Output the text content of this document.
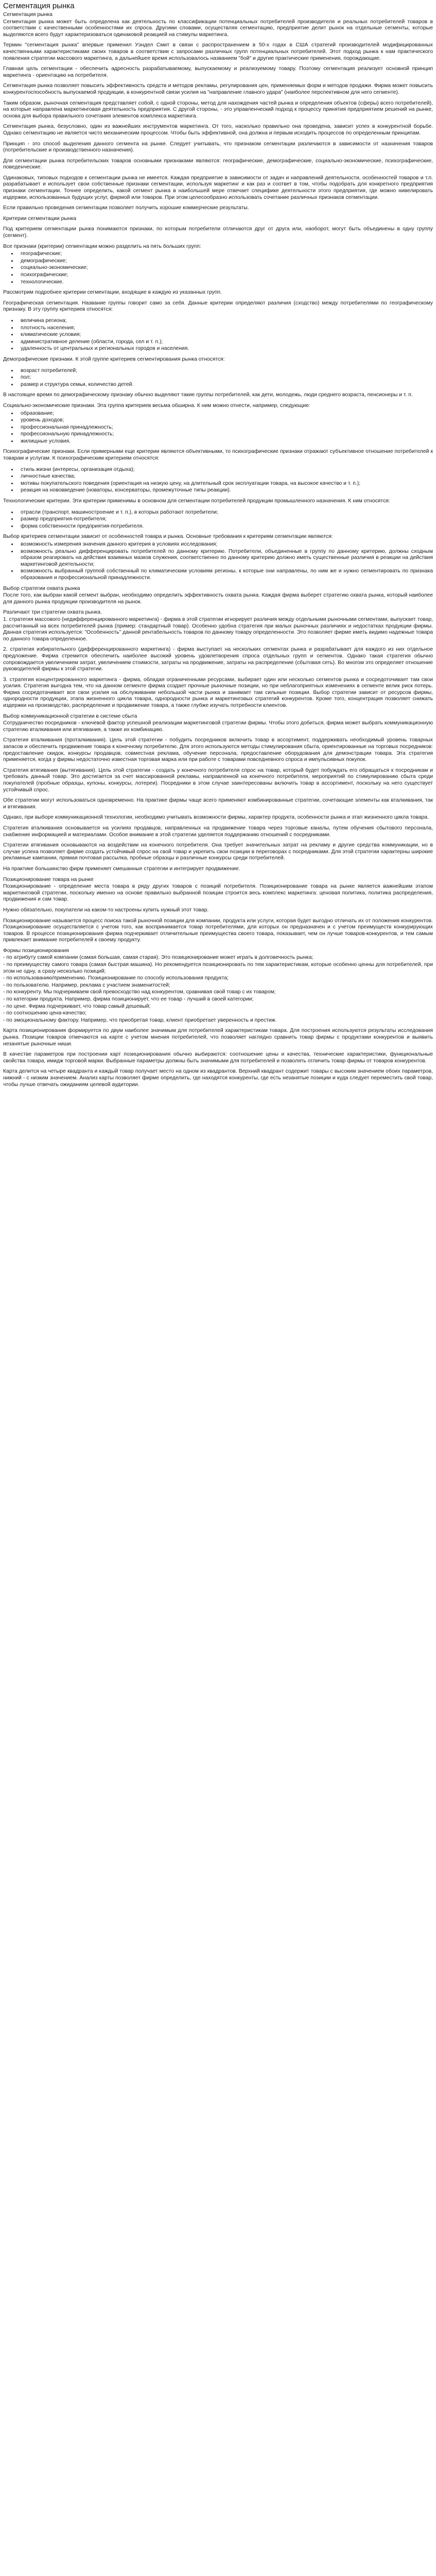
Сегментация рынка

Сегментация рынка

Сегментация рынка может быть определена как деятельность по классификации потенциальных потребителей производителя и реальных потребителей товаров в соответствии с качественными особенностями их спроса. Другими словами, осуществляя сегментацию, предприятие делит рынок на отдельные сегменты, которые выделяются всего будут характеризоваться одинаковой реакцией на стимулы маркетинга.

Термин "сегментация рынка" впервые применил Уэндел Смит в связи с распространением в 50-х годах в США стратегий производителей модифицированных качественными характеристиками своих товаров в соответствии с запросами различных групп потенциальных потребителей. Этот подход рынка к нам практического появления стратегии массового маркетинга, а дальнейшее время использовалось названием "бой" и другие практические применения, порождающие.

Главная цель сегментации - обеспечить адресность разрабатываемому, выпускаемому и реализуемому товару. Поэтому сегментация реализует основной принцип маркетинга - ориентацию на потребителя.

Сегментация рынка позволяет повысить эффективность средств и методов рекламы, регулирования цен, применяемых форм и методов продажи. Фирма может повысить конкурентоспособность выпускаемой продукции, в конкурентной связи усилия на "направление главного удара" (наиболее перспективном для него сегменте).

Таким образом, рыночная сегментация представляет собой, с одной стороны, метод для нахождения частей рынка и определения объектов (сферы) всего потребителей), на которые направлена маркетинговая деятельность предприятия. С другой стороны, - это управленческий подход к процессу принятия предприятием решений на рынке, основа для выбора правильного сочетания элементов комплекса маркетинга.

Сегментация рынка, безусловно, один из важнейших инструментов маркетинга. От того, насколько правильно она проведена, зависит успех в конкурентной борьбе. Однако сегментацию не является чисто механическим процессом. Чтобы быть эффективной, она должна и первым исходить процессов по определенным принципам.

Принцип - это способ выделения данного сегмента на рынке. Следует учитывать, что признаком сегментации различаются в зависимости от назначения товаров (потребительские и производственного назначения).

Для сегментации рынка потребительских товаров основными признаками являются: географические, демографические, социально-экономические, психографические, поведенческие.

Одинаковых, типовых подходов к сегментации рынка не имеется. Каждая предприятие в зависимости от задач и направлений деятельности, особенностей товаров и т.п. разрабатывает и использует свои собственные признаки сегментации, используя маркетинг и как раз и соответ в том, чтобы подобрать для конкретного предприятия признаки сегментации. Точнее определить, какой сегмент рынка в наибольшей мере отвечает специфике деятельности этого предприятия, где можно нивелировать издержки, использованных будущих услуг, фирмой или товаров. При этом целесообразно использовать сочетание различных признаков сегментации.

Если правильно проведения сегментации позволяет получить хорошие коммерческие результаты.

Критерии сегментации рынка

Под критерием сегментации рынка понимаются признаки, по которым потребители отличаются друг от друга или, наоборот, могут быть объединены в одну группу (сегмент).

Все признаки (критерии) сегментации можно разделить на пять больших групп:

• географические;
• демографические;
• социально-экономические;
• психографические;
• технологические.

Рассмотрим подробнее критерии сегментации, входящие в каждую из указанных групп.

Географическая сегментация. Название группы говорит само за себя. Данные критерии определяют различия (сходство) между потребителями по географическому признаку. В эту группу критериев относятся:

• величина региона;
• плотность населения;
• климатические условия;
• административное деление (области, города, сел и т. п.);
• удаленность от центральных и региональных городов и населения.

Демографические признаки. К этой группе критериев сегментирования рынка относятся:

• возраст потребителей;
• пол;
• размер и структура семьи, количество детей.

В настоящее время по демографическому признаку обычно выделяют такие группы потребителей, как дети, молодежь, люди среднего возраста, пенсионеры и т. п.

Социально-экономические признаки. Эта группа критериев весьма обширна. К ним можно отнести, например, следующие:

• образование;
• уровень доходов;
• профессиональная принадлежность;
• профессиональную принадлежность;
• жилищные условия.

Психографические признаки. Если примерными еще критерии являются объективными, то психографические признаки отражают субъективное отношение потребителей к товарам и услугам. К психографическим критериям относятся:

• стиль жизни (интересы, организация отдыха);
• личностные качества;
• мотивы покупательского поведения (ориентация на низкую цену, на длительный срок эксплуатации товара, на высокое качество и т. п.);
• реакция на нововведение (новаторы, консерваторы, промежуточные типы реакции).

Технологические критерии. Эти критерии применимы в основном для сегментации потребителей продукции промышленного назначения. К ним относятся:

• отрасли (транспорт, машиностроение и т. п.), в которых работают потребители;
• размер предприятия-потребителя;
• форма собственности предприятия-потребителя.

Выбор критериев сегментации зависит от особенностей товара и рынка. Основные требования к критериям сегментации являются:

• возможность измерения значения данного критерия в условиях исследования;
• возможность реально дифференцировать потребителей по данному критерию. Потребители, объединенные в группу по данному критерию, должны сходным образом реагировать на действия взаимных мазков служения, соответственно по данному критерию должно иметь существенные различия в реакции на действия маркетинговой деятельности;
• возможность выбранный группой собственный по климатическим условиям регионы, к которые они направлены, по ним же и нужно сегментировать по признака образования и профессиональной принадлежности.

Выбор стратегии охвата рынка

После того, как выбран какой сегмент выбран, необходимо определить эффективность охвата рынка. Каждая фирма выберет стратегию охвата рынка, который наиболее для данного рынка продукции производителя на рынок.

Различают три стратегии охвата рынка.

1. стратегия массового (недифференцированного маркетинга) - фирма в этой стратегии игнорирует различия между отдельными рыночными сегментами, выпускает товар, рассчитанный на всех потребителей рынка (пример: стандартный товар). Особенно удобна стратегия при малых рыночных различиях и недостатках продукции фирмы. Данная стратегия используется: "Особенность" данной рентабельность товаров по данному товару определенности. Это позволяет фирме иметь видимо надежные товара по данного товара определенное.

2. стратегия избирательного (дифференцированного маркетинга) - фирма выступает на нескольких сегментах рынка и разрабатывает для каждого из них отдельное предложение. Фирма стремится обеспечить наиболее высокий уровень удовлетворения спроса отдельных групп и сегментов. Однако такая стратегия обычно сопровождается увеличением затрат, увеличением стоимости, затраты на продвижение, затраты на распределение (сбытовая сеть). Во многом это определяет отношение руководителей фирмы к этой стратегии.

3. стратегия концентрированного маркетинга - фирма, обладая ограниченными ресурсами, выбирает один или несколько сегментов рынка и сосредоточивает там свои усилия. Стратегия выгодна тем, что на данном сегменте фирма создает прочные рыночные позиции, но при неблагоприятных изменениях в сегменте велик риск потерь. Фирма сосредотачивает все свои усилия на обслуживании небольшой части рынка и занимает там сильные позиции. Выбор стратегии зависит от ресурсов фирмы, однородности продукции, этапа жизненного цикла товара, однородности рынка и маркетинговых стратегий конкурентов. Кроме того, концентрация позволяет снижать издержки на производство, распределение и продвижение товара, а также глубже изучать потребности клиентов.

Выбор коммуникационной стратегии в системе сбыта

Сотрудничество посредников - ключевой фактор успешной реализации маркетинговой стратегии фирмы. Чтобы этого добиться, фирма может выбрать коммуникационную стратегию вталкивания или втягивания, а также их комбинацию.

Стратегия вталкивания (проталкивания). Цель этой стратегии - побудить посредников включить товар в ассортимент, поддерживать необходимый уровень товарных запасов и обеспечить продвижение товара к конечному потребителю. Для этого используются методы стимулирования сбыта, ориентированные на торговых посредников: предоставление скидок, конкурсы продавцов, совместная реклама, обучение персонала, предоставление оборудования для демонстрации товара. Эта стратегия применяется, когда у фирмы недостаточно известная торговая марка или при работе с товарами повседневного спроса и импульсивных покупок.

Стратегия втягивания (вытягивания). Цель этой стратегии - создать у конечного потребителя спрос на товар, который будет побуждать его обращаться к посредникам и требовать данный товар. Это достигается за счет массированной рекламы, направленной на конечного потребителя, мероприятий по стимулированию сбыта среди покупателей (пробные образцы, купоны, конкурсы, лотереи). Посредники в этом случае заинтересованы включить товар в ассортимент, поскольку на него существует устойчивый спрос.

Обе стратегии могут использоваться одновременно. На практике фирмы чаще всего применяют комбинированные стратегии, сочетающие элементы как вталкивания, так и втягивания.

Однако, при выборе коммуникационной технологии, необходимо учитывать возможности фирмы, характер продукта, особенности рынка и этап жизненного цикла товара.

Стратегия вталкивания основывается на усилиях продавцов, направленных на продвижение товара через торговые каналы, путем обучения сбытового персонала, снабжение информацией и материалами. Особое внимание в этой стратегии уделяется поддержанию отношений с посредниками.

Стратегии втягивания основываются на воздействии на конечного потребителя. Она требует значительных затрат на рекламу и другие средства коммуникации, но в случае успеха позволяет фирме создать устойчивый спрос на свой товар и укрепить свои позиции в переговорах с посредниками. Для этой стратегии характерны широкие рекламные кампании, прямая почтовая рассылка, пробные образцы и различные конкурсы среди потребителей.

На практике большинство фирм применяет смешанные стратегии и интегрирует продвижение.

Позиционирование товара на рынке

Позиционирование - определение места товара в ряду других товаров с позиций потребителя. Позиционирование товара на рынке является важнейшим этапом маркетинговой стратегии, поскольку именно на основе правильно выбранной позиции строится весь комплекс маркетинга: ценовая политика, политика распределения, продвижения и сам товар.

Нужно обязательно, покупатели на каком-то настроены купить нужный этот товар.

Позиционирование называется процесс поиска такой рыночной позиции для компании, продукта или услуги, которая будет выгодно отличать их от положения конкурентов. Позиционирование осуществляется с учетом того, как воспринимается товар потребителями, для которых он предназначен и с учетом преимуществ конкурирующих товаров. В процессе позиционирования фирма подчеркивает отличительные преимущества своего товара, показывает, чем он лучше товаров-конкурентов, и тем самым привлекает внимание потребителей к своему продукту.

Формы позиционирования

- по атрибуту самой компании (самая большая, самая старая). Это позиционирование может играть в долговечность рынка;

- по преимуществу самого товара (самая быстрая машина). Но рекомендуется позиционировать по тем характеристикам, которые особенно ценны для потребителей, при этом не одну, а сразу несколько позиций;

- по использованию/применению. Позиционирование по способу использования продукта;

- по пользователю. Например, реклама с участием знаменитостей;

- по конкуренту. Мы подчеркиваем свой превосходство над конкурентом, сравнивая свой товар с их товаром;

- по категории продукта. Например, фирма позиционирует, что ее товар - лучший в своей категории;

- по цене. Фирма подчеркивает, что товар самый дешевый;

- по соотношению цена-качество;

- по эмоциональному фактору. Например, что приобретая товар, клиент приобретает уверенность и престиж.

Карта позиционирования формируется по двум наиболее значимым для потребителей характеристикам товара. Для построения используются результаты исследования рынка. Позиции товаров отмечаются на карте с учетом мнения потребителей, что позволяет наглядно сравнить товар фирмы с продуктами конкурентов и выявить незанятые рыночные ниши.

В качестве параметров при построении карт позиционирования обычно выбираются: соотношение цены и качества, технические характеристики, функциональные свойства товара, имидж торговой марки. Выбранные параметры должны быть значимыми для потребителей и позволять отличить товар фирмы от товаров конкурентов.

Карта делится на четыре квадранта и каждый товар получает место на одном из квадрантов. Верхний квадрант содержит товары с высоким значением обоих параметров, нижний - с низким значением. Анализ карты позволяет фирме определить, где находятся конкуренты, где есть незанятые позиции и куда следует переместить свой товар, чтобы лучше отвечать ожиданиям целевой аудитории.
